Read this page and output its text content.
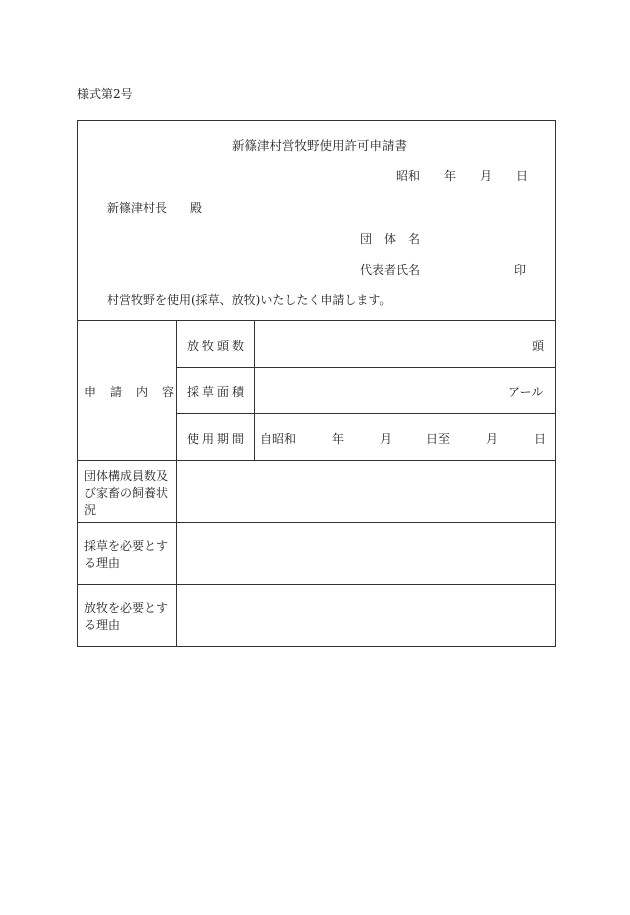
様式第2号
新篠津村営牧野使用許可申請書
昭和 年 月 日
新篠津村長 殿
団　体　名
代表者氏名	印
村営牧野を使用(採草、放牧)いたしたく申請します。
申　請　内　容
放牧頭数	頭
採草面積	アール
使用期間 自昭和	年	月	日至	月	日
団体構成員数及び家畜の飼養状況
採草を必要とする理由
放牧を必要とする理由
